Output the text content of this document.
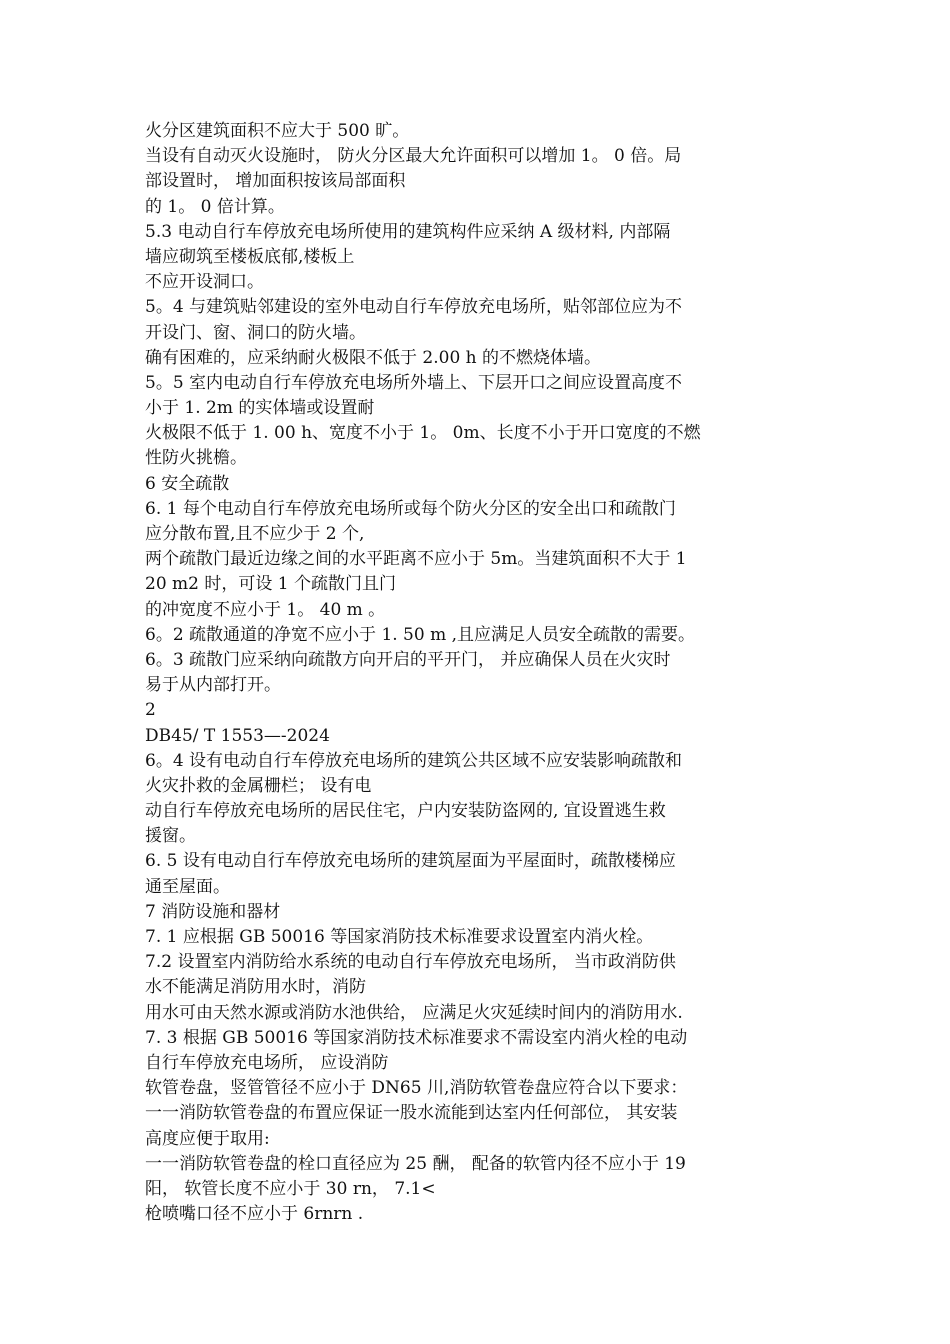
火分区建筑面积不应大于 500 旷。
当设有自动灭火设施时， 防火分区最大允许面积可以增加 1。 0 倍。局
部设置时， 增加面积按该局部面积
的 1。 0 倍计算。
5.3 电动自行车停放充电场所使用的建筑构件应采纳 A 级材料, 内部隔
墙应砌筑至楼板底郁,楼板上
不应开设洞口。
5。4 与建筑贴邻建设的室外电动自行车停放充电场所，贴邻部位应为不
开设门、窗、洞口的防火墙。
确有困难的，应采纳耐火极限不低于 2.00 h 的不燃烧体墙。
5。5 室内电动自行车停放充电场所外墙上、下层开口之间应设置高度不
小于 1. 2m 的实体墙或设置耐
火极限不低于 1. 00 h、宽度不小于 1。 0m、长度不小于开口宽度的不燃
性防火挑檐。
6 安全疏散
6. 1 每个电动自行车停放充电场所或每个防火分区的安全出口和疏散门
应分散布置,且不应少于 2 个,
两个疏散门最近边缘之间的水平距离不应小于 5m。当建筑面积不大于 1
20 m2 时，可设 1 个疏散门且门
的冲宽度不应小于 1。 40 m 。
6。2 疏散通道的净宽不应小于 1. 50 m ,且应满足人员安全疏散的需要。
6。3 疏散门应采纳向疏散方向开启的平开门， 并应确保人员在火灾时
易于从内部打开。
2
DB45/ T 1553—-2024
6。4 设有电动自行车停放充电场所的建筑公共区域不应安装影响疏散和
火灾扑救的金属栅栏； 设有电
动自行车停放充电场所的居民住宅，户内安装防盗网的, 宜设置逃生救
援窗。
6. 5 设有电动自行车停放充电场所的建筑屋面为平屋面时，疏散楼梯应
通至屋面。
7 消防设施和器材
7. 1 应根据 GB 50016 等国家消防技术标准要求设置室内消火栓。
7.2 设置室内消防给水系统的电动自行车停放充电场所， 当市政消防供
水不能满足消防用水时，消防
用水可由天然水源或消防水池供给， 应满足火灾延续时间内的消防用水.
7. 3 根据 GB 50016 等国家消防技术标准要求不需设室内消火栓的电动
自行车停放充电场所， 应设消防
软管卷盘，竖管管径不应小于 DN65 川,消防软管卷盘应符合以下要求：
一一消防软管卷盘的布置应保证一股水流能到达室内任何部位， 其安装
高度应便于取用:
一一消防软管卷盘的栓口直径应为 25 酬， 配备的软管内径不应小于 19
阳， 软管长度不应小于 30 rn， 7.1<
枪喷嘴口径不应小于 6rnrn .
